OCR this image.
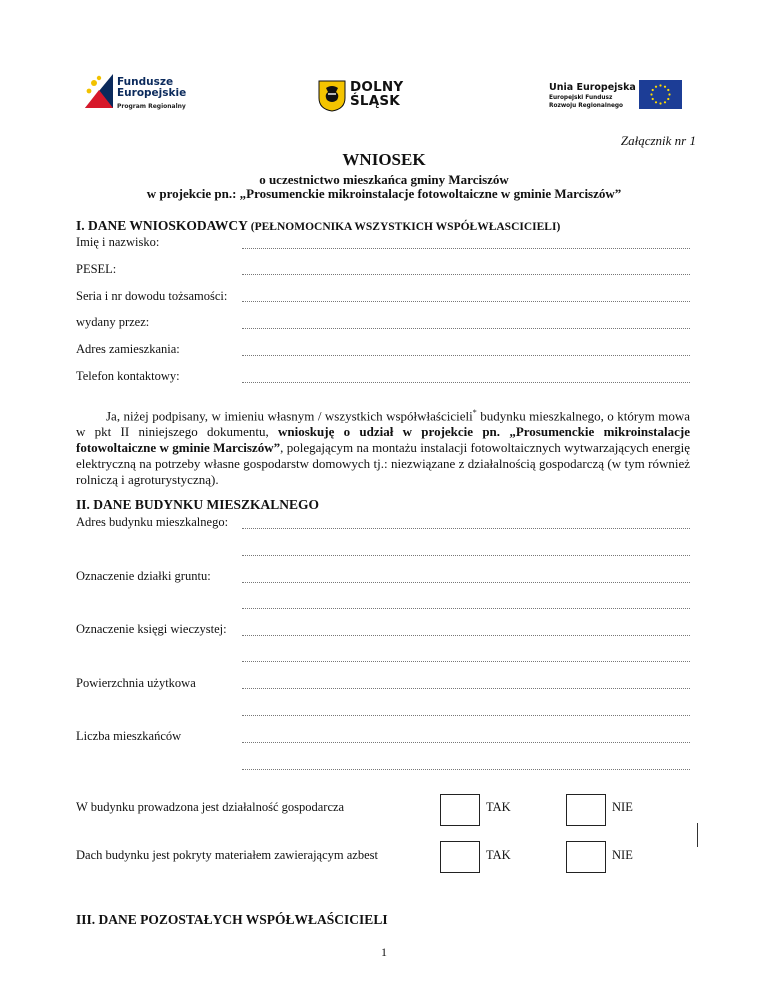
Fundusze
Europejskie
Program Regionalny
DOLNY
ŚLĄSK
Unia Europejska
Europejski Fundusz
Rozwoju Regionalnego
Załącznik nr 1
WNIOSEK
o uczestnictwo mieszkańca gminy Marciszów
w projekcie pn.: „Prosumenckie mikroinstalacje fotowoltaiczne w gminie Marciszów”
I. DANE WNIOSKODAWCY (PEŁNOMOCNIKA WSZYSTKICH WSPÓŁWŁASCICIELI)
Imię i nazwisko:
PESEL:
Seria i nr dowodu tożsamości:
wydany przez:
Adres zamieszkania:
Telefon kontaktowy:
Ja, niżej podpisany, w imieniu własnym / wszystkich współwłaścicieli* budynku mieszkalnego, o którym mowa w pkt II niniejszego dokumentu, wnioskuję o udział w projekcie pn. „Prosumenckie mikroinstalacje fotowoltaiczne w gminie Marciszów”, polegającym na montażu instalacji fotowoltaicznych wytwarzających energię elektryczną na potrzeby własne gospodarstw domowych tj.: niezwiązane z działalnością gospodarczą (w tym również rolniczą i agroturystyczną).
II. DANE BUDYNKU MIESZKALNEGO
Adres budynku mieszkalnego:
Oznaczenie działki gruntu:
Oznaczenie księgi wieczystej:
Powierzchnia użytkowa
Liczba mieszkańców
W budynku prowadzona jest działalność gospodarcza	TAK	NIE
Dach budynku jest pokryty materiałem zawierającym azbest	TAK	NIE
III. DANE POZOSTAŁYCH WSPÓŁWŁAŚCICIELI
1
